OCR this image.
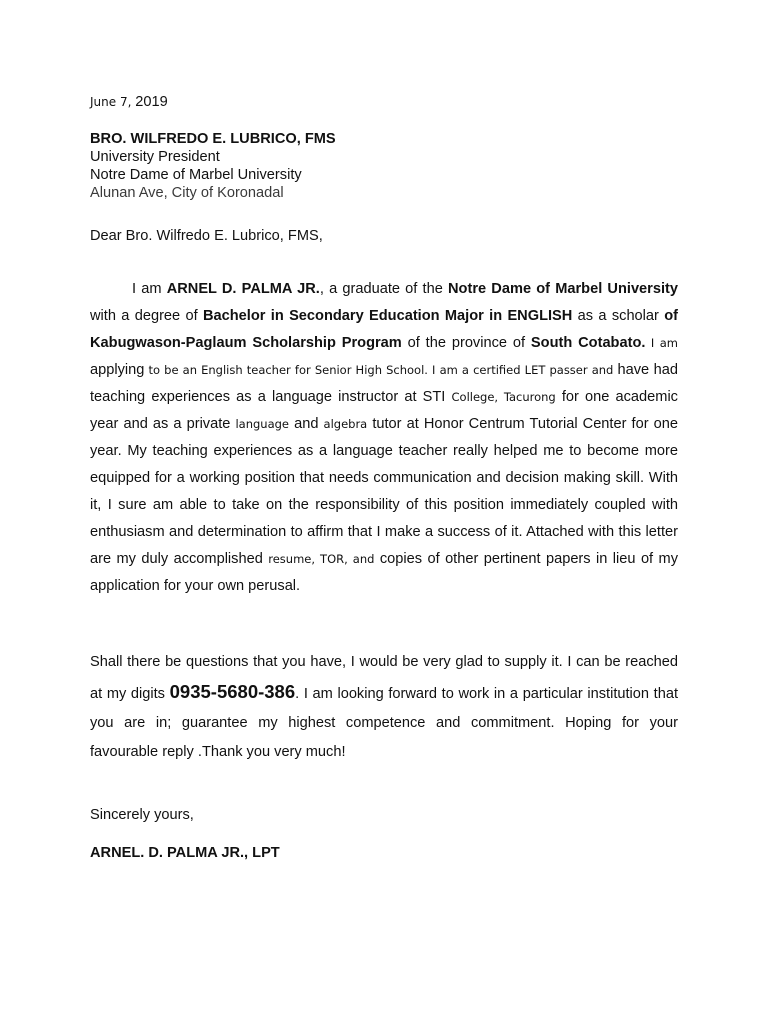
June 7, 2019

BRO. WILFREDO E. LUBRICO, FMS
University President
Notre Dame of Marbel University
Alunan Ave, City of Koronadal

Dear Bro. Wilfredo E. Lubrico, FMS,

I am ARNEL D. PALMA JR., a graduate of the Notre Dame of Marbel University with a degree of Bachelor in Secondary Education Major in ENGLISH as a scholar of Kabugwason-Paglaum Scholarship Program of the province of South Cotabato. I am applying to be an English teacher for Senior High School. I am a certified LET passer and have had teaching experiences as a language instructor at STI College, Tacurong for one academic year and as a private language and algebra tutor at Honor Centrum Tutorial Center for one year. My teaching experiences as a language teacher really helped me to become more equipped for a working position that needs communication and decision making skill. With it, I sure am able to take on the responsibility of this position immediately coupled with enthusiasm and determination to affirm that I make a success of it. Attached with this letter are my duly accomplished resume, TOR, and copies of other pertinent papers in lieu of my application for your own perusal.

Shall there be questions that you have, I would be very glad to supply it. I can be reached at my digits 0935-5680-386. I am looking forward to work in a particular institution that you are in; guarantee my highest competence and commitment. Hoping for your favourable reply .Thank you very much!

Sincerely yours,

ARNEL. D. PALMA JR., LPT
